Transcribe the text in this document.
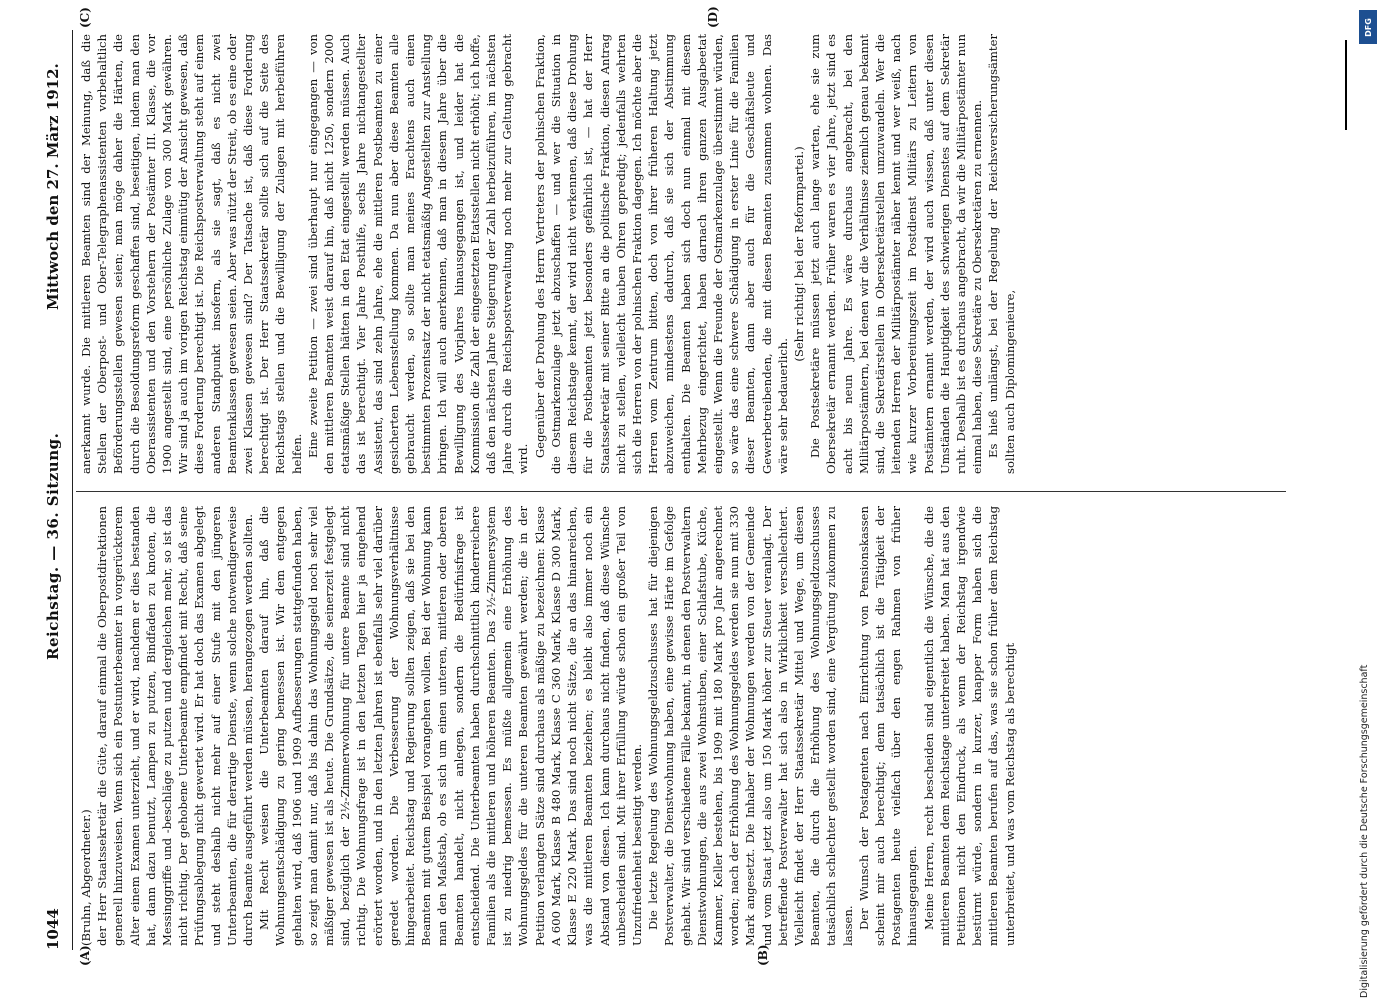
1044
Reichstag. — 36. Sitzung.
Mittwoch den 27. März 1912.
(A)	(B)
(C)	(D)

(Bruhn, Abgeordneter.) der Herr Staatssekretär die Güte, darauf einmal die Oberpostdirektionen generell hinzuweisen. Wenn sich ein Postunterbeamter in vorgerückterem Alter einem Examen unterzieht, und er wird, nachdem er dies bestanden hat, dann dazu benutzt, Lampen zu putzen, Bindfaden zu knoten, die Messinggriffe und -beschläge zu putzen und dergleichen mehr, so ist das nicht richtig. Der gehobene Unterbeamte empfindet mit Recht, daß seine Prüfungsablegung nicht gewertet wird. Er hat doch das Examen abgelegt und steht deshalb nicht mehr auf einer Stufe mit den jüngeren Unterbeamten, die für derartige Dienste, wenn solche notwendigerweise durch Beamte ausgeführt werden müssen, herangezogen werden sollten. Mit Recht weisen die Unterbeamten darauf hin, daß die Wohnungsentschädigung zu gering bemessen ist. Wir dem entgegen gehalten wird, daß 1906 und 1909 Aufbesserungen stattgefunden haben, so zeigt man damit nur, daß bis dahin das Wohnungsgeld noch sehr viel mäßiger gewesen ist als heute. Die Grundsätze, die seinerzeit festgelegt sind, bezüglich der 2½-Zimmerwohnung für untere Beamte sind nicht richtig. Die Wohnungsfrage ist in den letzten Tagen hier ja eingehend erörtert worden, und in den letzten Jahren ist ebenfalls sehr viel darüber geredet worden. Die Verbesserung der Wohnungsverhältnisse hingearbeitet. Reichstag und Regierung sollten zeigen, daß sie bei den Beamten mit gutem Beispiel vorangehen wollen. Bei der Wohnung kann man den Maßstab, ob es sich um einen unteren, mittleren oder oberen Beamten handelt, nicht anlegen, sondern die Bedürfnisfrage ist entscheidend. Die Unterbeamten haben durchschnittlich kinderreichere Familien als die mittleren und höheren Beamten. Das 2½-Zimmersystem ist zu niedrig bemessen. Es müßte allgemein eine Erhöhung des Wohnungsgeldes für die unteren Beamten gewährt werden; die in der Petition verlangten Sätze sind durchaus als mäßige zu bezeichnen: Klasse A 600 Mark, Klasse B 480 Mark, Klasse C 360 Mark, Klasse D 300 Mark, Klasse E 220 Mark. Das sind noch nicht Sätze, die an das hinanreichen, was die mittleren Beamten beziehen; es bleibt also immer noch ein Abstand von diesen. Ich kann durchaus nicht finden, daß diese Wünsche unbescheiden sind. Mit ihrer Erfüllung würde schon ein großer Teil von Unzufriedenheit beseitigt werden. Die letzte Regelung des Wohnungsgeldzuschusses hat für diejenigen Postverwalter, die Dienstwohnung haben, eine gewisse Härte im Gefolge gehabt. Wir sind verschiedene Fälle bekannt, in denen den Postverwaltern Dienstwohnungen, die aus zwei Wohnstuben, einer Schlafstube, Küche, Kammer, Keller bestehen, bis 1909 mit 180 Mark pro Jahr angerechnet worden; nach der Erhöhung des Wohnungsgeldes werden sie nun mit 330 Mark angesetzt. Die Inhaber der Wohnungen werden von der Gemeinde und vom Staat jetzt also um 150 Mark höher zur Steuer veranlagt. Der betreffende Postverwalter hat sich also in Wirklichkeit verschlechtert. Vielleicht findet der Herr Staatssekretär Mittel und Wege, um diesen Beamten, die durch die Erhöhung des Wohnungsgeldzuschusses tatsächlich schlechter gestellt worden sind, eine Vergütung zukommen zu lassen. Der Wunsch der Postagenten nach Einrichtung von Pensionskassen scheint mir auch berechtigt; denn tatsächlich ist die Tätigkeit der Postagenten heute vielfach über den engen Rahmen von früher hinausgegangen. Meine Herren, recht bescheiden sind eigentlich die Wünsche, die die mittleren Beamten dem Reichstage unterbreitet haben. Man hat aus den Petitionen nicht den Eindruck, als wenn der Reichstag irgendwie bestürmt würde, sondern in kurzer, knapper Form haben sich die mittleren Beamten berufen auf das, was sie schon früher dem Reichstag unterbreitet, und was vom Reichstag als berechtigt

anerkannt wurde. Die mittleren Beamten sind der Meinung, daß die Stellen der Oberpost- und Ober-Telegraphenassistenten vorbehaltlich Beförderungsstellen gewesen seien; man möge daher die Härten, die durch die Besoldungsreform geschaffen sind, beseitigen, indem man den Oberassistenten und den Vorstehern der Postämter III. Klasse, die vor 1900 angestellt sind, eine persönliche Zulage von 300 Mark gewähren. Wir sind ja auch im vorigen Reichstag einmütig der Ansicht gewesen, daß diese Forderung berechtigt ist. Die Reichspostverwaltung steht auf einem anderen Standpunkt insofern, als sie sagt, daß es nicht zwei Beamtenklassen gewesen seien. Aber was nützt der Streit, ob es eine oder zwei Klassen gewesen sind? Der Tatsache ist, daß diese Forderung berechtigt ist. Der Herr Staatssekretär sollte sich auf die Seite des Reichstags stellen und die Bewilligung der Zulagen mit herbeiführen helfen. Eine zweite Petition — zwei sind überhaupt nur eingegangen — von den mittleren Beamten weist darauf hin, daß nicht 1250, sondern 2000 etatsmäßige Stellen hätten in den Etat eingestellt werden müssen. Auch das ist berechtigt. Vier Jahre Posthilfe, sechs Jahre nichtangestellter Assistent, das sind zehn Jahre, ehe die mittleren Postbeamten zu einer gesicherten Lebensstellung kommen. Da nun aber diese Beamten alle gebraucht werden, so sollte man meines Erachtens auch einen bestimmten Prozentsatz der nicht etatsmäßig Angestellten zur Anstellung bringen. Ich will auch anerkennen, daß man in diesem Jahre über die Bewilligung des Vorjahres hinausgegangen ist, und leider hat die Kommission die Zahl der eingesetzten Etatsstellen nicht erhöht; ich hoffe, daß den nächsten Jahre Steigerung der Zahl herbeizuführen, im nächsten Jahre durch die Reichspostverwaltung noch mehr zur Geltung gebracht wird.

Gegenüber der Drohung des Herrn Vertreters der polnischen Fraktion, die Ostmarkenzulage jetzt abzuschaffen — und wer die Situation in diesem Reichstage kennt, der wird nicht verkennen, daß diese Drohung für die Postbeamten jetzt besonders gefährlich ist, — hat der Herr Staatssekretär mit seiner Bitte an die politische Fraktion, diesen Antrag nicht zu stellen, vielleicht tauben Ohren gepredigt; jedenfalls wehrten sich die Herren von der polnischen Fraktion dagegen. Ich möchte aber die Herren vom Zentrum bitten, doch von ihrer früheren Haltung jetzt abzuweichen, mindestens dadurch, daß sie sich der Abstimmung enthalten. Die Beamten haben sich doch nun einmal mit diesem Mehrbezug eingerichtet, haben darnach ihren ganzen Ausgabeetat eingestellt. Wenn die Freunde der Ostmarkenzulage überstimmt würden, so wäre das eine schwere Schädigung in erster Linie für die Familien dieser Beamten, dann aber auch für die Geschäftsleute und Gewerbetreibenden, die mit diesen Beamten zusammen wohnen. Das wäre sehr bedauerlich.

(Sehr richtig! bei der Reformpartei.) Die Postsekretäre müssen jetzt auch lange warten, ehe sie zum Obersekretär ernannt werden. Früher waren es vier Jahre, jetzt sind es acht bis neun Jahre. Es wäre durchaus angebracht, bei den Militärpostämtern, bei denen wir die Verhältnisse ziemlich genau bekannt sind, die Sekretärstellen in Obersekretärstellen umzuwandeln. Wer die leitenden Herren der Militärpostämter näher kennt und wer weiß, nach wie kurzer Vorbereitungszeit im Postdienst Militärs zu Leitern von Postämtern ernannt werden, der wird auch wissen, daß unter diesen Umständen die Hauptigkeit des schwierigen Dienstes auf dem Sekretär ruht. Deshalb ist es durchaus angebracht, da wir die Militärpostämter nun einmal haben, diese Sekretäre zu Obersekretären zu ernennen. Es hieß umlängst, bei der Regelung der Reichsversicherungsämter sollten auch Diplomingenieure,

DFG
Digitalisierung gefördert durch die Deutsche Forschungsgemeinschaft
